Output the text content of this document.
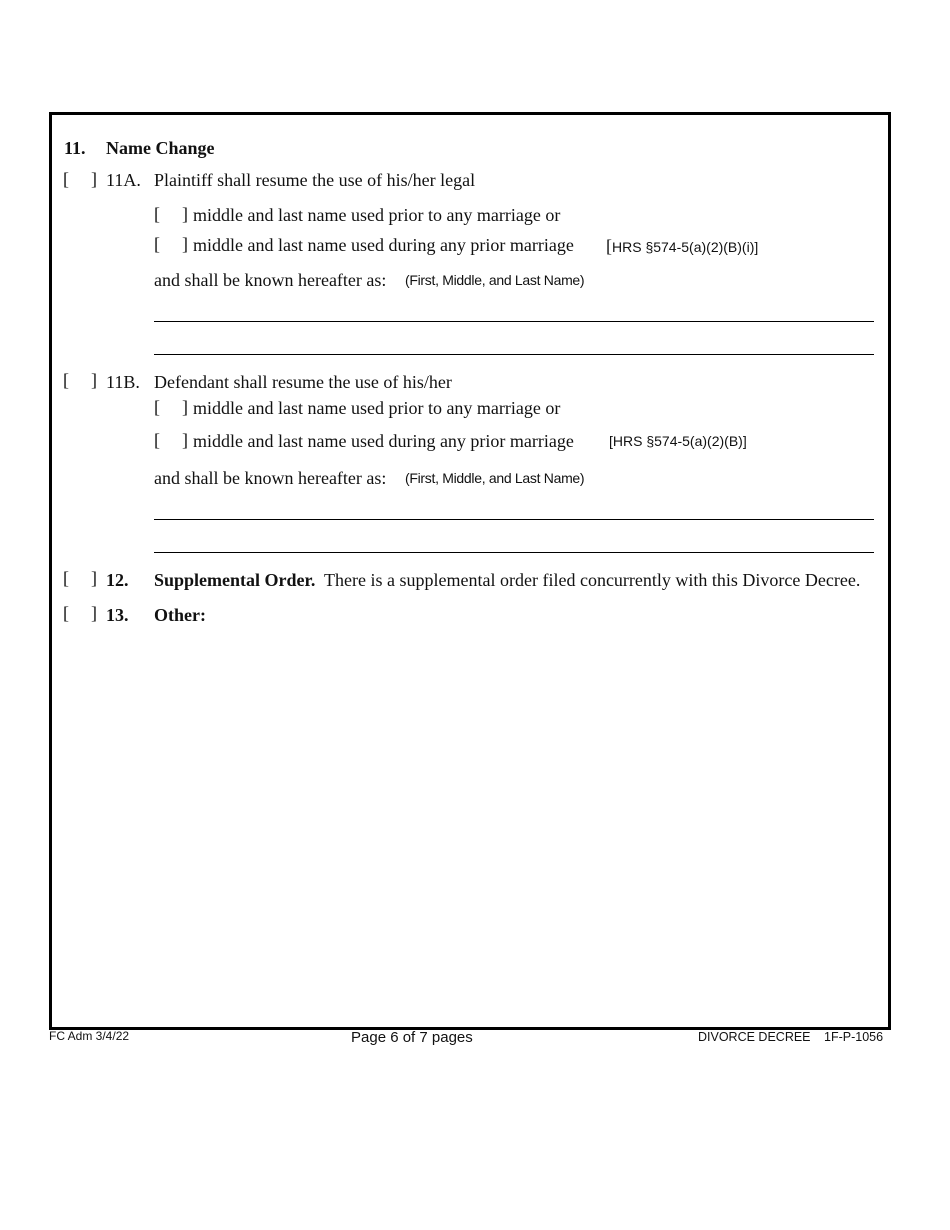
11. Name Change
[ ] 11A. Plaintiff shall resume the use of his/her legal
[ ] middle and last name used prior to any marriage or
[ ] middle and last name used during any prior marriage [HRS §574-5(a)(2)(B)(i)]
and shall be known hereafter as: (First, Middle, and Last Name)
[ ] 11B. Defendant shall resume the use of his/her
[ ] middle and last name used prior to any marriage or
[ ] middle and last name used during any prior marriage	[HRS §574-5(a)(2)(B)]
and shall be known hereafter as: (First, Middle, and Last Name)
[ ] 12. Supplemental Order. There is a supplemental order filed concurrently with this Divorce Decree.
[ ] 13. Other:
FC Adm 3/4/22	Page 6 of 7 pages	DIVORCE DECREE 1F-P-1056
